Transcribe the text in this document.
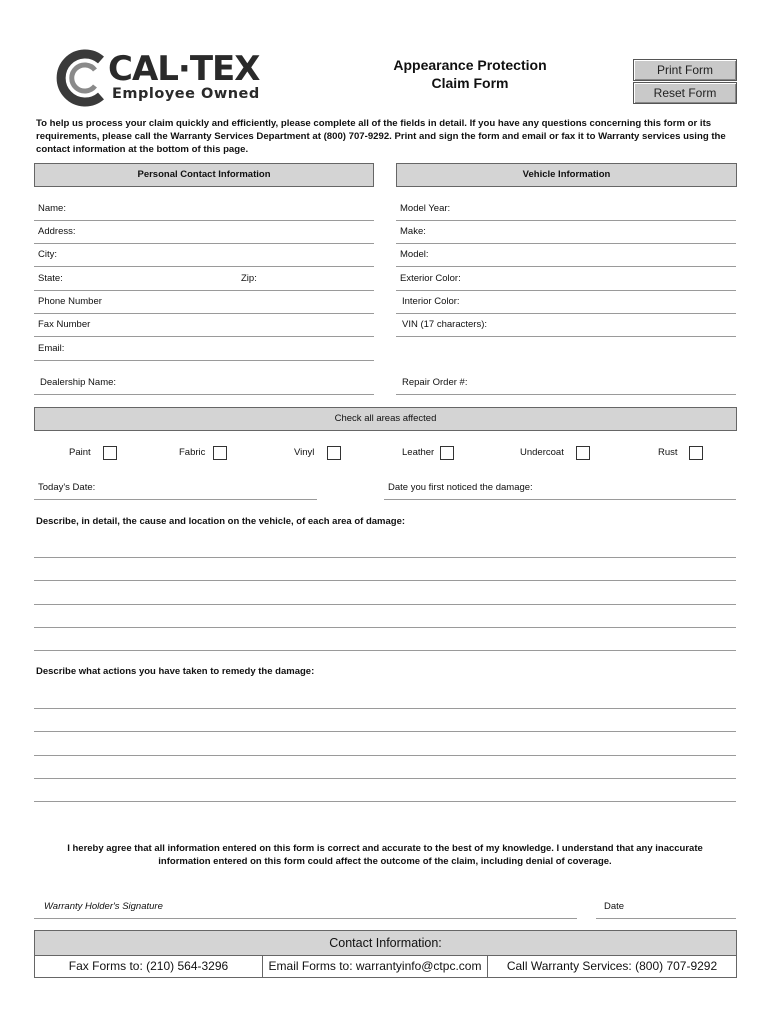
CAL·TEX
Employee Owned
Appearance Protection
Claim Form
Print Form
Reset Form
To help us process your claim quickly and efficiently, please complete all of the fields in detail. If you have any questions concerning this form or its requirements, please call the Warranty Services Department at (800) 707-9292. Print and sign the form and email or fax it to Warranty services using the contact information at the bottom of this page.
Personal Contact Information	Vehicle Information
Name:
Address:
City:
State:	Zip:
Phone Number
Fax Number
Email:
Dealership Name:
Model Year:
Make:
Model:
Exterior Color:
Interior Color:
VIN (17 characters):
Repair Order #:
Check all areas affected
Paint	Fabric	Vinyl	Leather	Undercoat	Rust
Today's Date:	Date you first noticed the damage:
Describe, in detail, the cause and location on the vehicle, of each area of damage:
Describe what actions you have taken to remedy the damage:
I hereby agree that all information entered on this form is correct and accurate to the best of my knowledge. I understand that any inaccurate information entered on this form could affect the outcome of the claim, including denial of coverage.
Warranty Holder's Signature	Date
Contact Information:
Fax Forms to: (210) 564-3296	Email Forms to: warrantyinfo@ctpc.com	Call Warranty Services: (800) 707-9292
